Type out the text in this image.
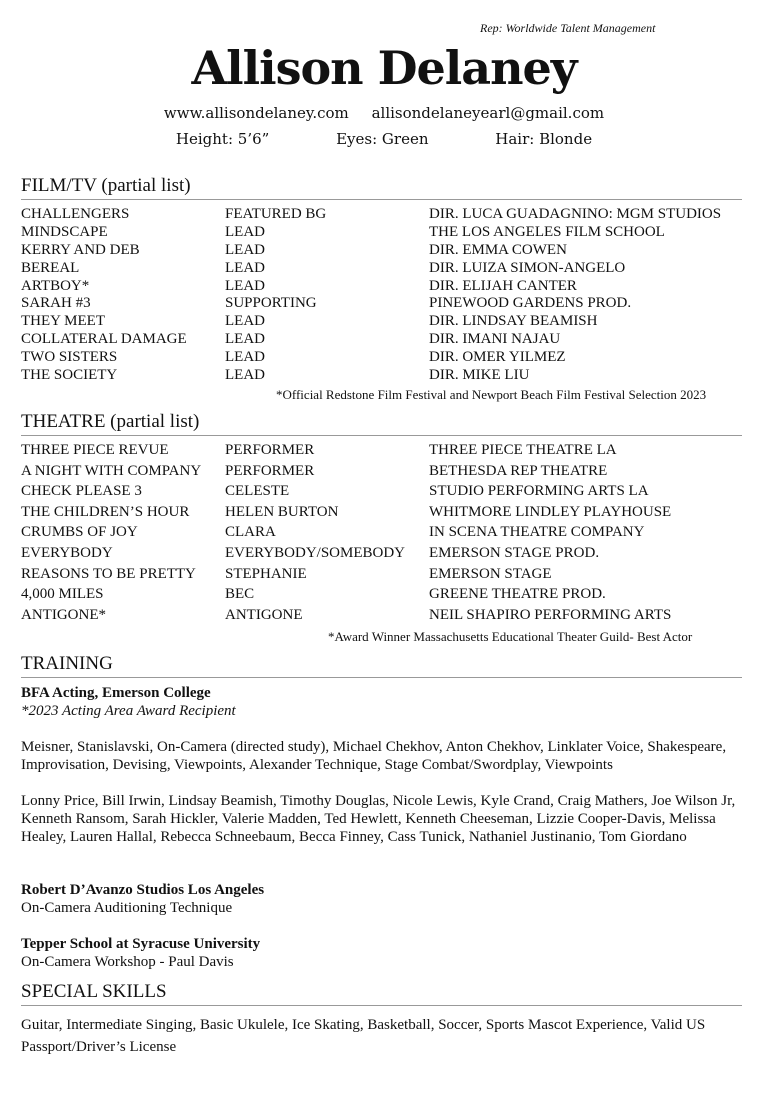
Rep: Worldwide Talent Management
Allison Delaney
www.allisondelaney.com allisondelaneyearl@gmail.com
Height: 5’6”	Eyes: Green	Hair: Blonde
FILM/TV (partial list)
CHALLENGERS	FEATURED BG	DIR. LUCA GUADAGNINO: MGM STUDIOS
MINDSCAPE	LEAD	THE LOS ANGELES FILM SCHOOL
KERRY AND DEB	LEAD	DIR. EMMA COWEN
BEREAL	LEAD	DIR. LUIZA SIMON-ANGELO
ARTBOY*	LEAD	DIR. ELIJAH CANTER
SARAH #3	SUPPORTING	PINEWOOD GARDENS PROD.
THEY MEET	LEAD	DIR. LINDSAY BEAMISH
COLLATERAL DAMAGE	LEAD	DIR. IMANI NAJAU
TWO SISTERS	LEAD	DIR. OMER YILMEZ
THE SOCIETY	LEAD	DIR. MIKE LIU
*Official Redstone Film Festival and Newport Beach Film Festival Selection 2023
THEATRE (partial list)
THREE PIECE REVUE	PERFORMER	THREE PIECE THEATRE LA
A NIGHT WITH COMPANY	PERFORMER	BETHESDA REP THEATRE
CHECK PLEASE 3	CELESTE	STUDIO PERFORMING ARTS LA
THE CHILDREN’S HOUR	HELEN BURTON	WHITMORE LINDLEY PLAYHOUSE
CRUMBS OF JOY	CLARA	IN SCENA THEATRE COMPANY
EVERYBODY	EVERYBODY/SOMEBODY	EMERSON STAGE PROD.
REASONS TO BE PRETTY	STEPHANIE	EMERSON STAGE
4,000 MILES	BEC	GREENE THEATRE PROD.
ANTIGONE*	ANTIGONE	NEIL SHAPIRO PERFORMING ARTS
*Award Winner Massachusetts Educational Theater Guild- Best Actor
TRAINING
BFA Acting, Emerson College
*2023 Acting Area Award Recipient
Meisner, Stanislavski, On-Camera (directed study), Michael Chekhov, Anton Chekhov, Linklater Voice, Shakespeare, Improvisation, Devising, Viewpoints, Alexander Technique, Stage Combat/Swordplay, Viewpoints
Lonny Price, Bill Irwin, Lindsay Beamish, Timothy Douglas, Nicole Lewis, Kyle Crand, Craig Mathers, Joe Wilson Jr, Kenneth Ransom, Sarah Hickler, Valerie Madden, Ted Hewlett, Kenneth Cheeseman, Lizzie Cooper-Davis, Melissa Healey, Lauren Hallal, Rebecca Schneebaum, Becca Finney, Cass Tunick, Nathaniel Justinanio, Tom Giordano
Robert D’Avanzo Studios Los Angeles
On-Camera Auditioning Technique
Tepper School at Syracuse University
On-Camera Workshop - Paul Davis
SPECIAL SKILLS
Guitar, Intermediate Singing, Basic Ukulele, Ice Skating, Basketball, Soccer, Sports Mascot Experience, Valid US Passport/Driver’s License
